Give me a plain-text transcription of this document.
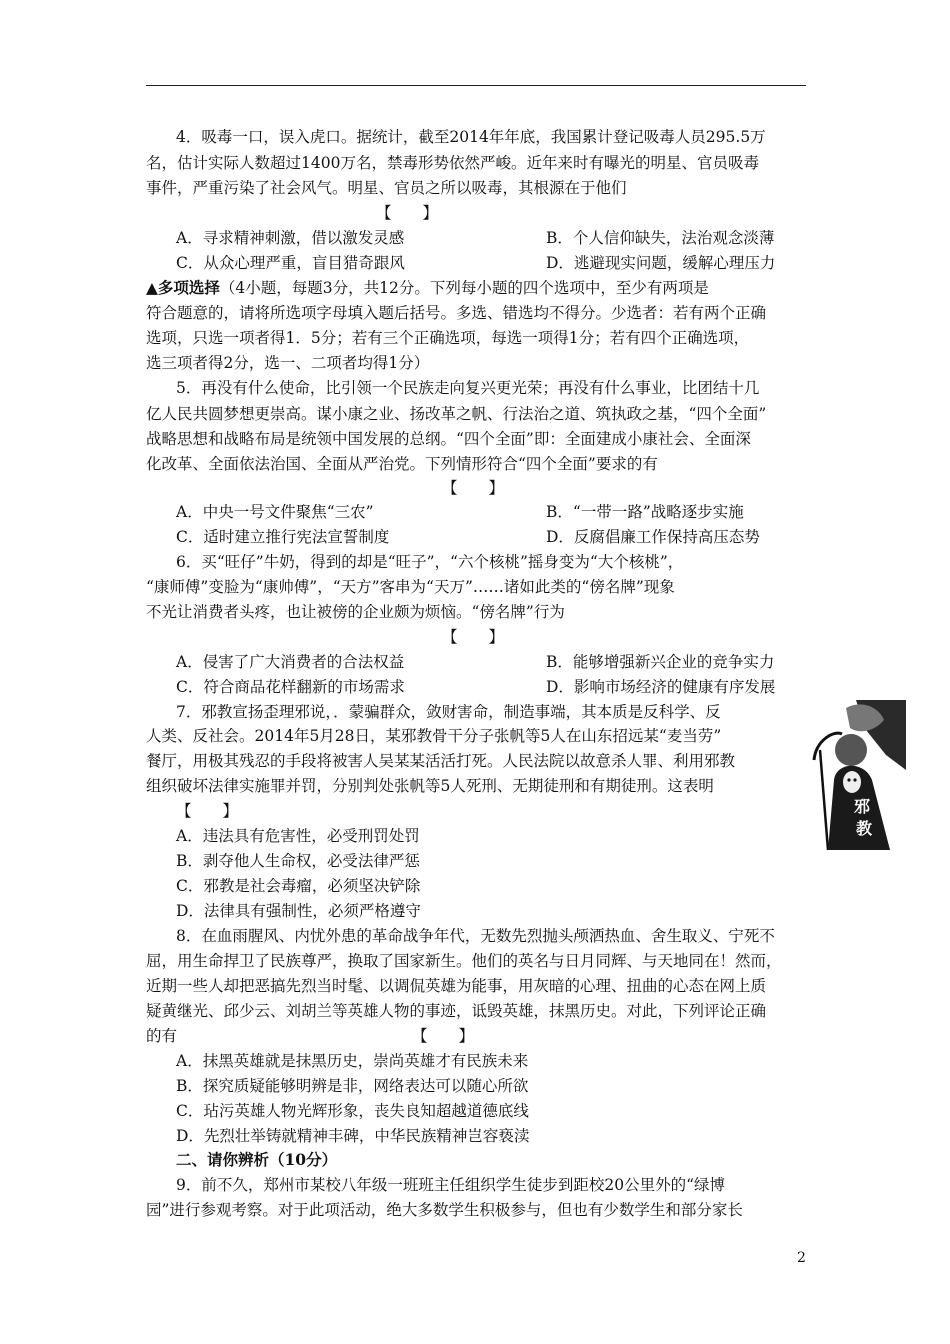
4．吸毒一口，误入虎口。据统计，截至2014年年底，我国累计登记吸毒人员295.5万
名，估计实际人数超过1400万名，禁毒形势依然严峻。近年来时有曝光的明星、官员吸毒
事件，严重污染了社会风气。明星、官员之所以吸毒，其根源在于他们
【　　】
A．寻求精神刺激，借以激发灵感	B．个人信仰缺失，法治观念淡薄
C．从众心理严重，盲目猎奇跟风	D．逃避现实问题，缓解心理压力
▲多项选择（4小题，每题3分，共12分。下列每小题的四个选项中，至少有两项是
符合题意的，请将所选项字母填入题后括号。多选、错选均不得分。少选者：若有两个正确
选项，只选一项者得1．5分；若有三个正确选项，每选一项得1分；若有四个正确选项，
选三项者得2分，选一、二项者均得1分）
5．再没有什么使命，比引领一个民族走向复兴更光荣；再没有什么事业，比团结十几
亿人民共圆梦想更崇高。谋小康之业、扬改革之帆、行法治之道、筑执政之基，“四个全面”
战略思想和战略布局是统领中国发展的总纲。“四个全面”即：全面建成小康社会、全面深
化改革、全面依法治国、全面从严治党。下列情形符合“四个全面”要求的有
【　　】
A．中央一号文件聚焦“三农”	B．“一带一路”战略逐步实施
C．适时建立推行宪法宣誓制度	D．反腐倡廉工作保持高压态势
6．买“旺仔”牛奶，得到的却是“旺子”，“六个核桃”摇身变为“大个核桃”，
“康师傅”变脸为“康帅傅”，“天方”客串为“天万”……诸如此类的“傍名牌”现象
不光让消费者头疼，也让被傍的企业颇为烦恼。“傍名牌”行为
【　　】
A．侵害了广大消费者的合法权益	B．能够增强新兴企业的竞争实力
C．符合商品花样翻新的市场需求	D．影响市场经济的健康有序发展
7．邪教宣扬歪理邪说，．蒙骗群众，敛财害命，制造事端，其本质是反科学、反
人类、反社会。2014年5月28日，某邪教骨干分子张帆等5人在山东招远某“麦当劳”
餐厅，用极其残忍的手段将被害人吴某某活活打死。人民法院以故意杀人罪、利用邪教
组织破坏法律实施罪并罚，分别判处张帆等5人死刑、无期徒刑和有期徒刑。这表明
【　　】
A．违法具有危害性，必受刑罚处罚
B．剥夺他人生命权，必受法律严惩
C．邪教是社会毒瘤，必须坚决铲除
D．法律具有强制性，必须严格遵守
8．在血雨腥风、内忧外患的革命战争年代，无数先烈抛头颅洒热血、舍生取义、宁死不
屈，用生命捍卫了民族尊严，换取了国家新生。他们的英名与日月同辉、与天地同在！然而，
近期一些人却把恶搞先烈当时髦、以调侃英雄为能事，用灰暗的心理、扭曲的心态在网上质
疑黄继光、邱少云、刘胡兰等英雄人物的事迹，诋毁英雄，抹黑历史。对此，下列评论正确
的有	【　　】
A．抹黑英雄就是抹黑历史，崇尚英雄才有民族未来
B．探究质疑能够明辨是非，网络表达可以随心所欲
C．玷污英雄人物光辉形象，丧失良知超越道德底线
D．先烈壮举铸就精神丰碑，中华民族精神岂容亵渎
二、请你辨析（10分）
9．前不久，郑州市某校八年级一班班主任组织学生徒步到距校20公里外的“绿博
园”进行参观考察。对于此项活动，绝大多数学生积极参与，但也有少数学生和部分家长
邪
教
2
